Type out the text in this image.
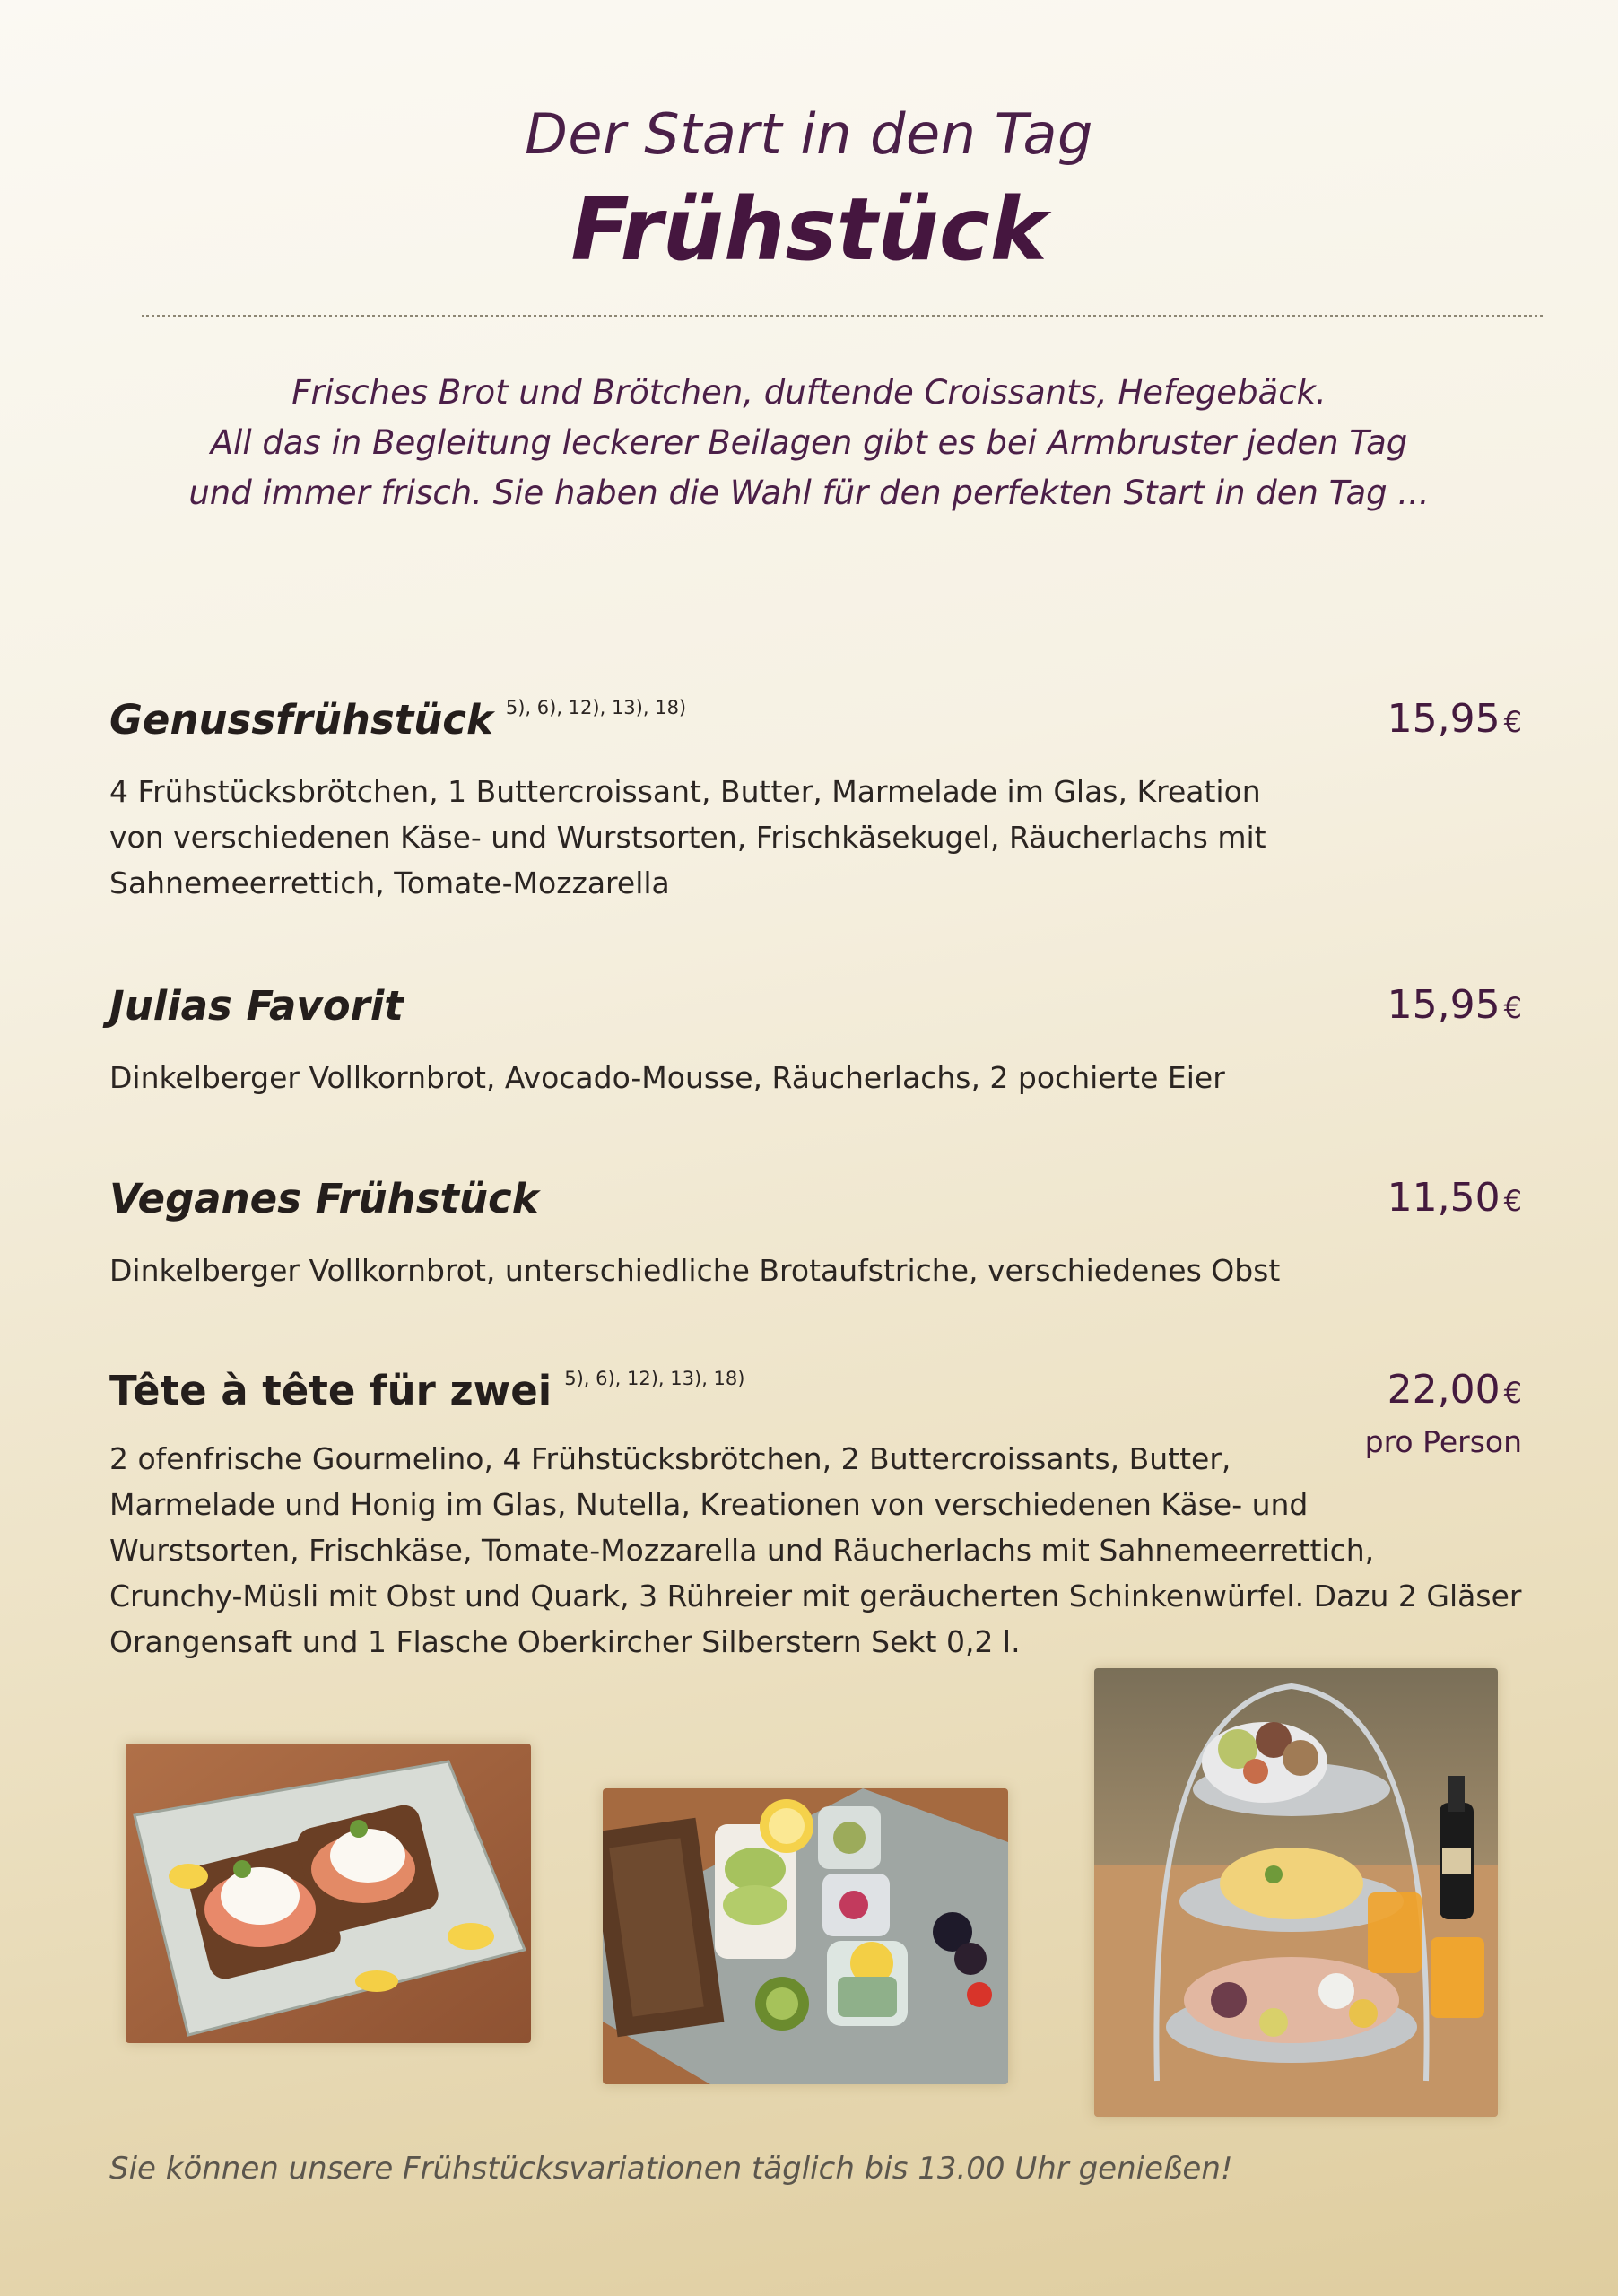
Der Start in den Tag
Frühstück
Frisches Brot und Brötchen, duftende Croissants, Hefegebäck.
All das in Begleitung leckerer Beilagen gibt es bei Armbruster jeden Tag
und immer frisch. Sie haben die Wahl für den perfekten Start in den Tag ...
Genussfrühstück $^{5), 6), 12), 13), 18)}$	15,95 €
4 Frühstücksbrötchen, 1 Buttercroissant, Butter, Marmelade im Glas, Kreation
von verschiedenen Käse- und Wurstsorten, Frischkäsekugel, Räucherlachs mit
Sahnemeerrettich, Tomate-Mozzarella
Julias Favorit	15,95 €
Dinkelberger Vollkornbrot, Avocado-Mousse, Räucherlachs, 2 pochierte Eier
Veganes Frühstück	11,50 €
Dinkelberger Vollkornbrot, unterschiedliche Brotaufstriche, verschiedenes Obst
Tête à tête für zwei $^{5), 6), 12), 13), 18)}$	22,00 €
pro Person
2 ofenfrische Gourmelino, 4 Frühstücksbrötchen, 2 Buttercroissants, Butter,
Marmelade und Honig im Glas, Nutella, Kreationen von verschiedenen Käse- und
Wurstsorten, Frischkäse, Tomate-Mozzarella und Räucherlachs mit Sahnemeerrettich,
Crunchy-Müsli mit Obst und Quark, 3 Rühreier mit geräucherten Schinkenwürfel. Dazu 2 Gläser
Orangensaft und 1 Flasche Oberkircher Silberstern Sekt 0,2 l.
Sie können unsere Frühstücksvariationen täglich bis 13.00 Uhr genießen!
